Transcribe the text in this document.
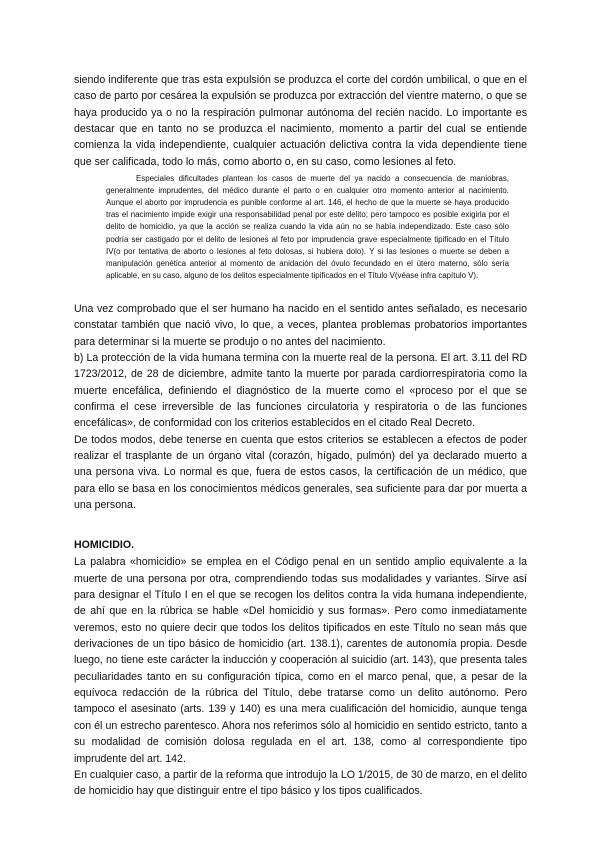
siendo indiferente que tras esta expulsión se produzca el corte del cordón umbilical, o que en el caso de parto por cesárea la expulsión se produzca por extracción del vientre materno, o que se haya producido ya o no la respiración pulmonar autónoma del recién nacido. Lo importante es destacar que en tanto no se produzca el nacimiento, momento a partir del cual se entiende comienza la vida independiente, cualquier actuación delictiva contra la vida dependiente tiene que ser calificada, todo lo más, como aborto o, en su caso, como lesiones al feto.

Especiales dificultades plantean los casos de muerte del ya nacido a consecuencia de maniobras, generalmente imprudentes, del médico durante el parto o en cualquier otro momento anterior al nacimiento. Aunque el aborto por imprudencia es punible conforme al art. 146, el hecho de que la muerte se haya producido tras el nacimiento impide exigir una responsabilidad penal por este delito; pero tampoco es posible exigirla por el delito de homicidio, ya que la acción se realiza cuando la vida aún no se había independizado. Este caso sólo podría ser castigado por el delito de lesiones al feto por imprudencia grave especialmente tipificado en el Título IV(o por tentativa de aborto o lesiones al feto dolosas, si hubiera dolo). Y si las lesiones o muerte se deben a manipulación genética anterior al momento de anidación del óvulo fecundado en el útero materno, sólo sería aplicable, en su caso, alguno de los delitos especialmente tipificados en el Título V(véase infra capítulo V).

Una vez comprobado que el ser humano ha nacido en el sentido antes señalado, es necesario constatar también que nació vivo, lo que, a veces, plantea problemas probatorios importantes para determinar si la muerte se produjo o no antes del nacimiento.

b) La protección de la vida humana termina con la muerte real de la persona. El art. 3.11 del RD 1723/2012, de 28 de diciembre, admite tanto la muerte por parada cardiorrespiratoria como la muerte encefálica, definiendo el diagnóstico de la muerte como el «proceso por el que se confirma el cese irreversible de las funciones circulatoria y respiratoria o de las funciones encefálicas», de conformidad con los criterios establecidos en el citado Real Decreto.

De todos modos, debe tenerse en cuenta que estos criterios se establecen a efectos de poder realizar el trasplante de un órgano vital (corazón, hígado, pulmón) del ya declarado muerto a una persona viva. Lo normal es que, fuera de estos casos, la certificación de un médico, que para ello se basa en los conocimientos médicos generales, sea suficiente para dar por muerta a una persona.

HOMICIDIO.

La palabra «homicidio» se emplea en el Código penal en un sentido amplio equivalente a la muerte de una persona por otra, comprendiendo todas sus modalidades y variantes. Sirve así para designar el Título I en el que se recogen los delitos contra la vida humana independiente, de ahí que en la rúbrica se hable «Del homicidio y sus formas». Pero como inmediatamente veremos, esto no quiere decir que todos los delitos tipificados en este Título no sean más que derivaciones de un tipo básico de homicidio (art. 138.1), carentes de autonomía propia. Desde luego, no tiene este carácter la inducción y cooperación al suicidio (art. 143), que presenta tales peculiaridades tanto en su configuración típica, como en el marco penal, que, a pesar de la equívoca redacción de la rúbrica del Título, debe tratarse como un delito autónomo. Pero tampoco el asesinato (arts. 139 y 140) es una mera cualificación del homicidio, aunque tenga con él un estrecho parentesco. Ahora nos referimos sólo al homicidio en sentido estricto, tanto a su modalidad de comisión dolosa regulada en el art. 138, como al correspondiente tipo imprudente del art. 142.

En cualquier caso, a partir de la reforma que introdujo la LO 1/2015, de 30 de marzo, en el delito de homicidio hay que distinguir entre el tipo básico y los tipos cualificados.
